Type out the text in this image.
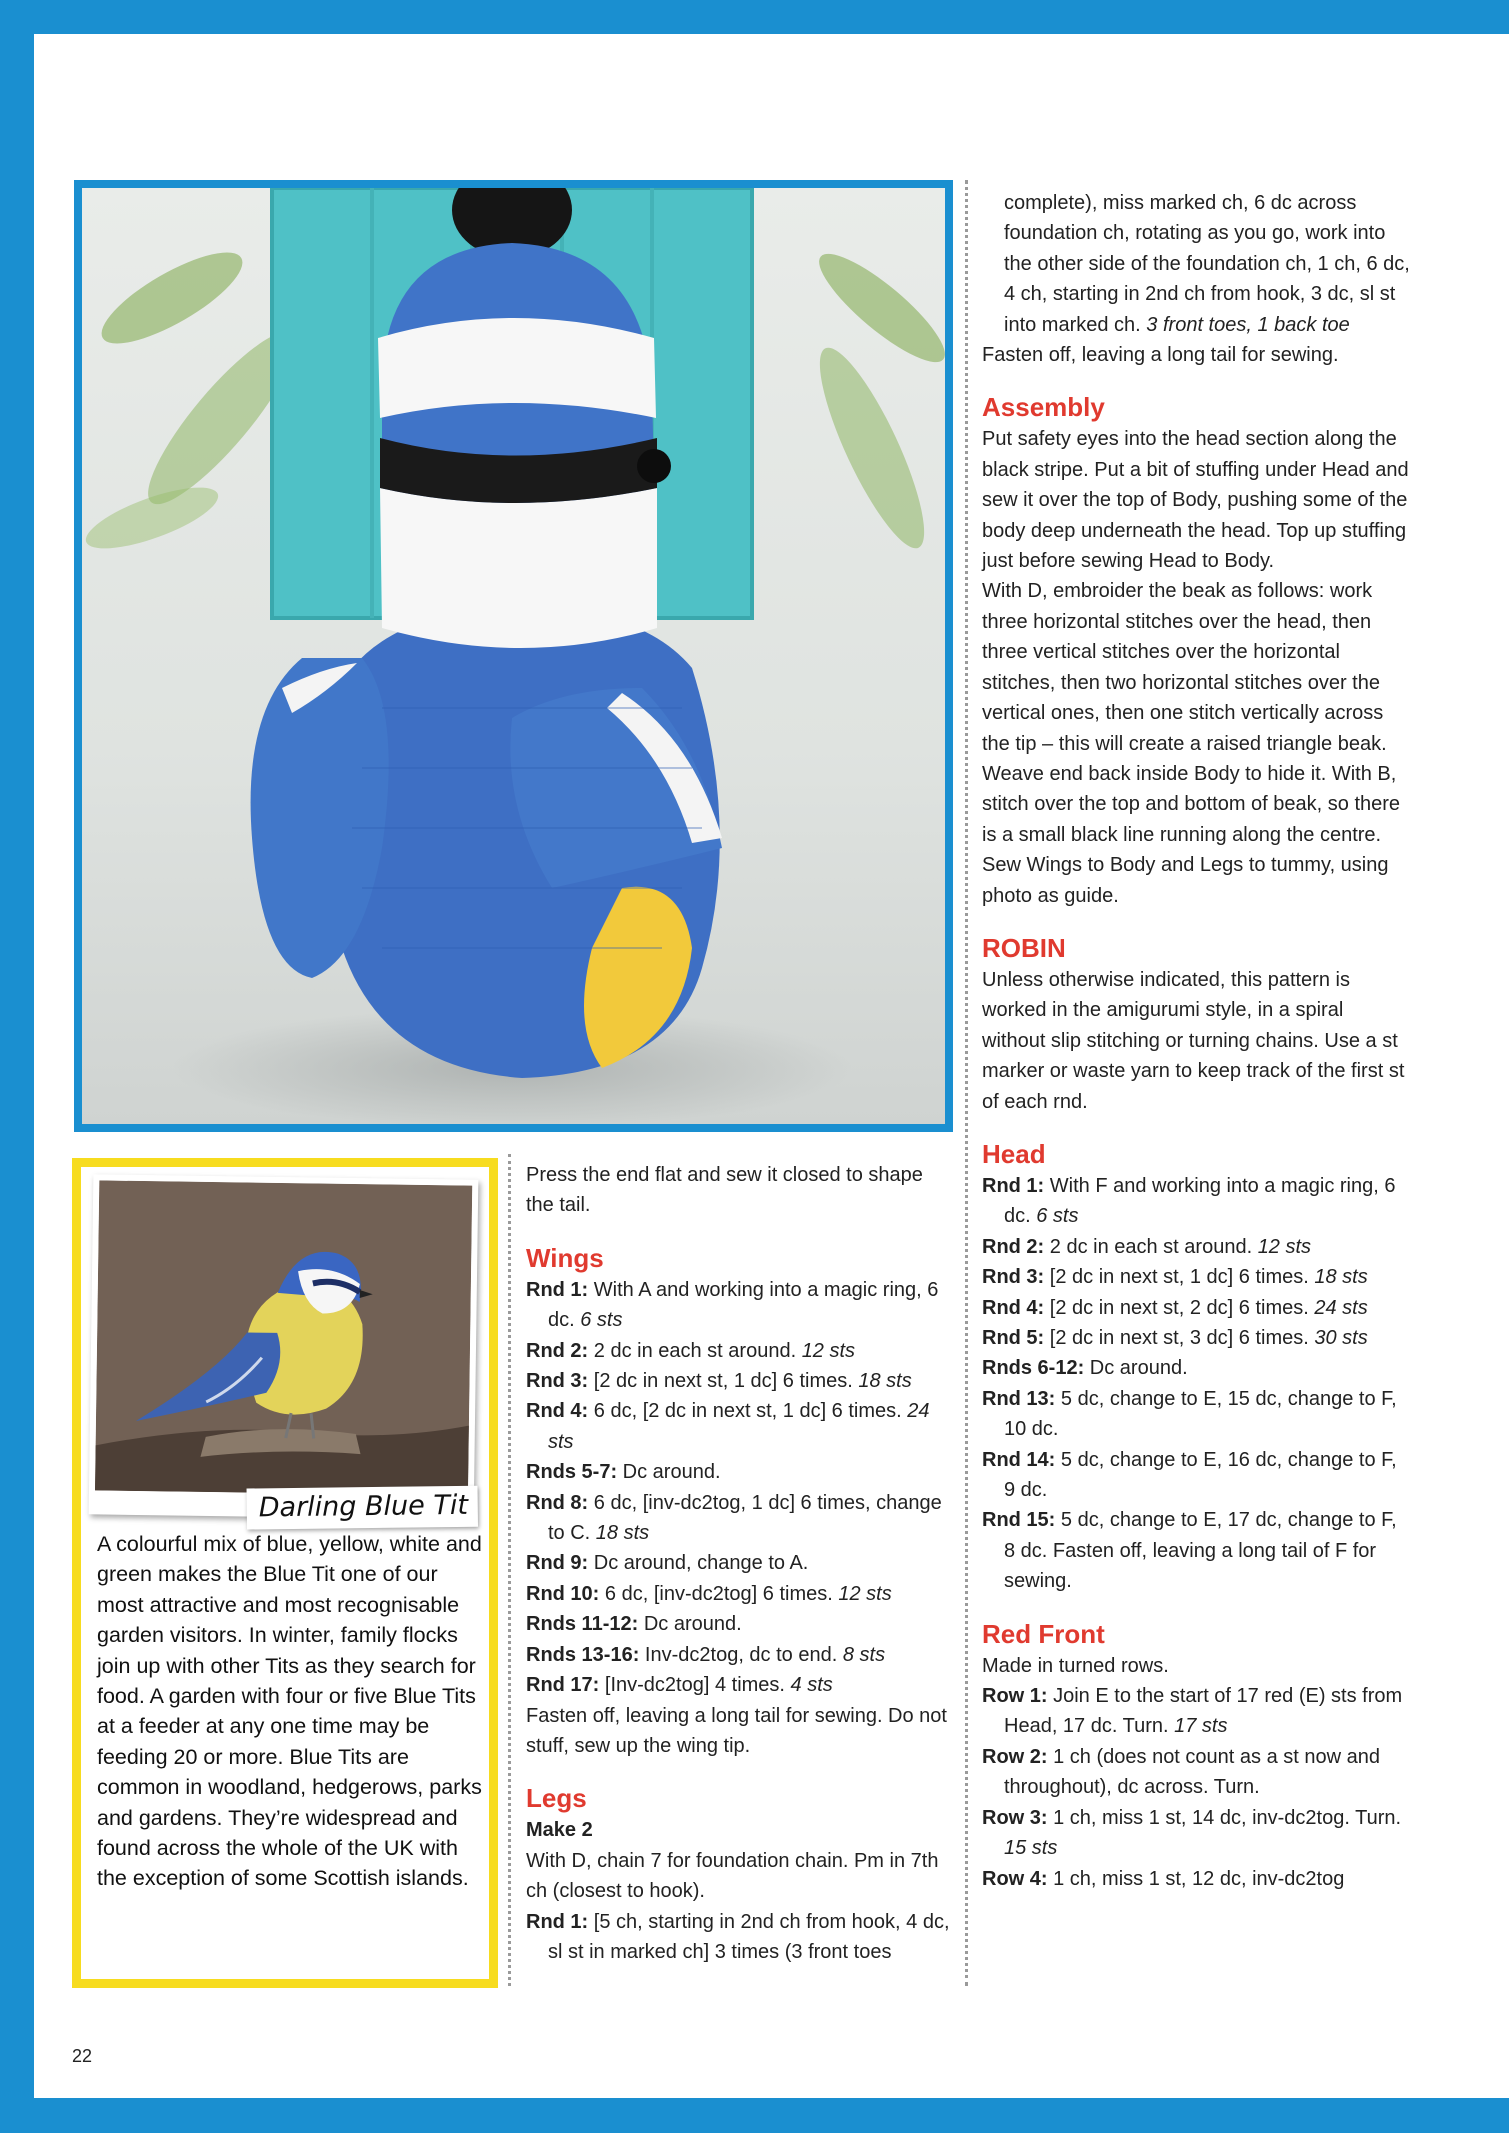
Darling Blue Tit
A colourful mix of blue, yellow, white and green makes the Blue Tit one of our most attractive and most recognisable garden visitors. In winter, family flocks join up with other Tits as they search for food. A garden with four or five Blue Tits at a feeder at any one time may be feeding 20 or more. Blue Tits are common in woodland, hedgerows, parks and gardens. They’re widespread and found across the whole of the UK with the exception of some Scottish islands.

Press the end flat and sew it closed to shape the tail.

Wings

Rnd 1: With A and working into a magic ring, 6 dc. 6 sts

Rnd 2: 2 dc in each st around. 12 sts

Rnd 3: [2 dc in next st, 1 dc] 6 times. 18 sts

Rnd 4: 6 dc, [2 dc in next st, 1 dc] 6 times. 24 sts

Rnds 5-7: Dc around.

Rnd 8: 6 dc, [inv-dc2tog, 1 dc] 6 times, change to C. 18 sts

Rnd 9: Dc around, change to A.

Rnd 10: 6 dc, [inv-dc2tog] 6 times. 12 sts

Rnds 11-12: Dc around.

Rnds 13-16: Inv-dc2tog, dc to end. 8 sts

Rnd 17: [Inv-dc2tog] 4 times. 4 sts

Fasten off, leaving a long tail for sewing. Do not stuff, sew up the wing tip.

Legs

Make 2

With D, chain 7 for foundation chain. Pm in 7th ch (closest to hook).

Rnd 1: [5 ch, starting in 2nd ch from hook, 4 dc, sl st in marked ch] 3 times (3 front toes

complete), miss marked ch, 6 dc across foundation ch, rotating as you go, work into the other side of the foundation ch, 1 ch, 6 dc, 4 ch, starting in 2nd ch from hook, 3 dc, sl st into marked ch. 3 front toes, 1 back toe

Fasten off, leaving a long tail for sewing.

Assembly

Put safety eyes into the head section along the black stripe. Put a bit of stuffing under Head and sew it over the top of Body, pushing some of the body deep underneath the head. Top up stuffing just before sewing Head to Body.

With D, embroider the beak as follows: work three horizontal stitches over the head, then three vertical stitches over the horizontal stitches, then two horizontal stitches over the vertical ones, then one stitch vertically across the tip – this will create a raised triangle beak. Weave end back inside Body to hide it. With B, stitch over the top and bottom of beak, so there is a small black line running along the centre. Sew Wings to Body and Legs to tummy, using photo as guide.

ROBIN

Unless otherwise indicated, this pattern is worked in the amigurumi style, in a spiral without slip stitching or turning chains. Use a st marker or waste yarn to keep track of the first st of each rnd.

Head

Rnd 1: With F and working into a magic ring, 6 dc. 6 sts

Rnd 2: 2 dc in each st around. 12 sts

Rnd 3: [2 dc in next st, 1 dc] 6 times. 18 sts

Rnd 4: [2 dc in next st, 2 dc] 6 times. 24 sts

Rnd 5: [2 dc in next st, 3 dc] 6 times. 30 sts

Rnds 6-12: Dc around.

Rnd 13: 5 dc, change to E, 15 dc, change to F, 10 dc.

Rnd 14: 5 dc, change to E, 16 dc, change to F, 9 dc.

Rnd 15: 5 dc, change to E, 17 dc, change to F, 8 dc. Fasten off, leaving a long tail of F for sewing.

Red Front

Made in turned rows.

Row 1: Join E to the start of 17 red (E) sts from Head, 17 dc. Turn. 17 sts

Row 2: 1 ch (does not count as a st now and throughout), dc across. Turn.

Row 3: 1 ch, miss 1 st, 14 dc, inv-dc2tog. Turn. 15 sts

Row 4: 1 ch, miss 1 st, 12 dc, inv-dc2tog

22
